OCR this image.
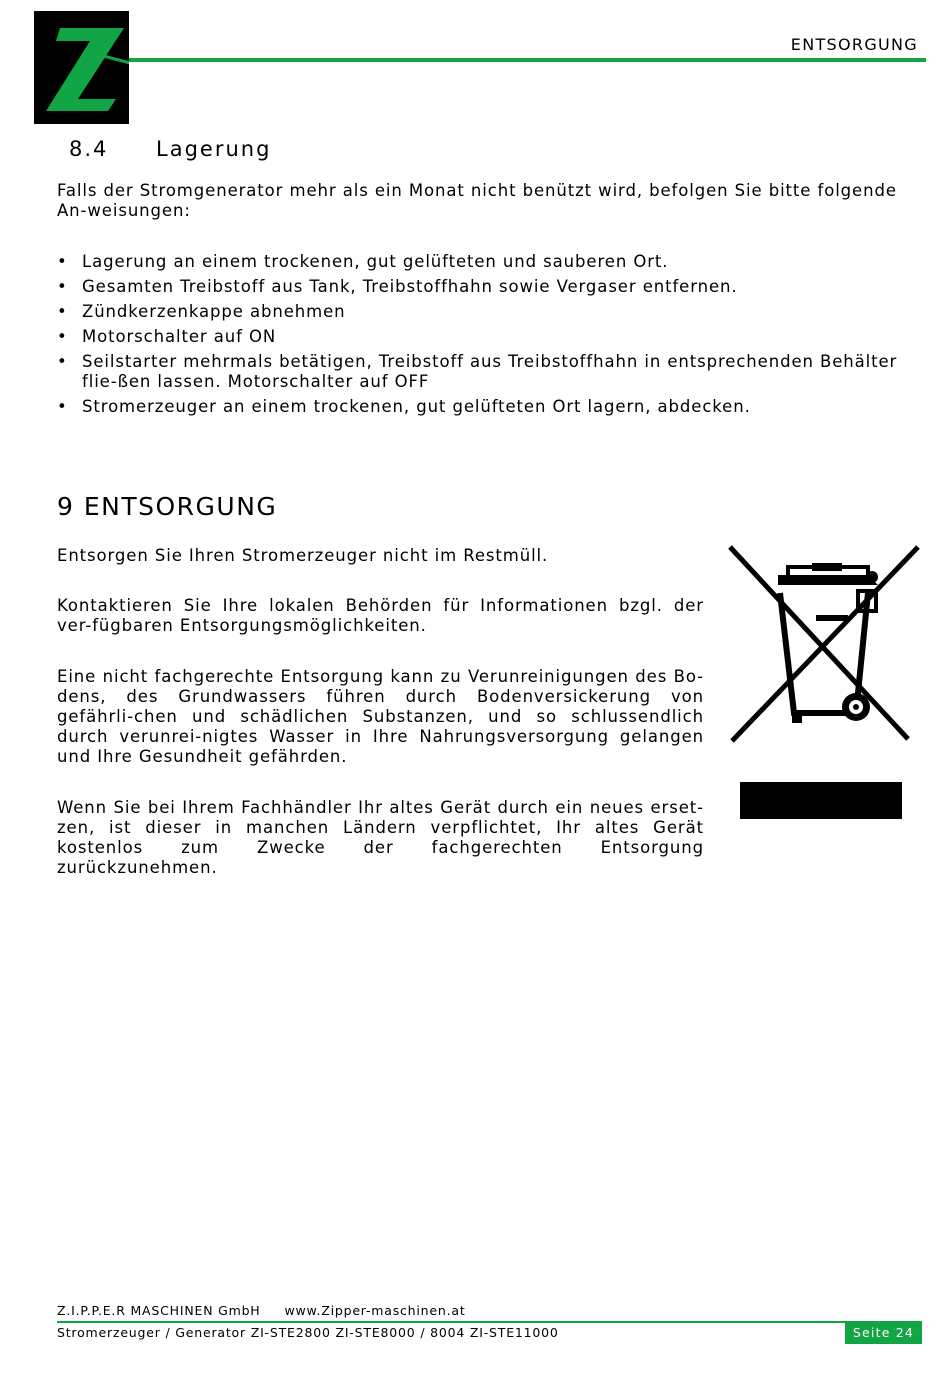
ENTSORGUNG
8.4 Lagerung
Falls der Stromgenerator mehr als ein Monat nicht benützt wird, befolgen Sie bitte folgende An-weisungen:
• Lagerung an einem trockenen, gut gelüfteten und sauberen Ort.
• Gesamten Treibstoff aus Tank, Treibstoffhahn sowie Vergaser entfernen.
• Zündkerzenkappe abnehmen
• Motorschalter auf ON
• Seilstarter mehrmals betätigen, Treibstoff aus Treibstoffhahn in entsprechenden Behälter flie-ßen lassen. Motorschalter auf OFF
• Stromerzeuger an einem trockenen, gut gelüfteten Ort lagern, abdecken.
9 ENTSORGUNG
Entsorgen Sie Ihren Stromerzeuger nicht im Restmüll.
Kontaktieren Sie Ihre lokalen Behörden für Informationen bzgl. der ver-fügbaren Entsorgungsmöglichkeiten.
Eine nicht fachgerechte Entsorgung kann zu Verunreinigungen des Bo-dens, des Grundwassers führen durch Bodenversickerung von gefährli-chen und schädlichen Substanzen, und so schlussendlich durch verunrei-nigtes Wasser in Ihre Nahrungsversorgung gelangen und Ihre Gesundheit gefährden.
Wenn Sie bei Ihrem Fachhändler Ihr altes Gerät durch ein neues erset-zen, ist dieser in manchen Ländern verpflichtet, Ihr altes Gerät kostenlos zum Zwecke der fachgerechten Entsorgung zurückzunehmen.
Z.I.P.P.E.R MASCHINEN GmbH www.Zipper-maschinen.at
Stromerzeuger / Generator ZI-STE2800 ZI-STE8000 / 8004 ZI-STE11000	Seite 24
